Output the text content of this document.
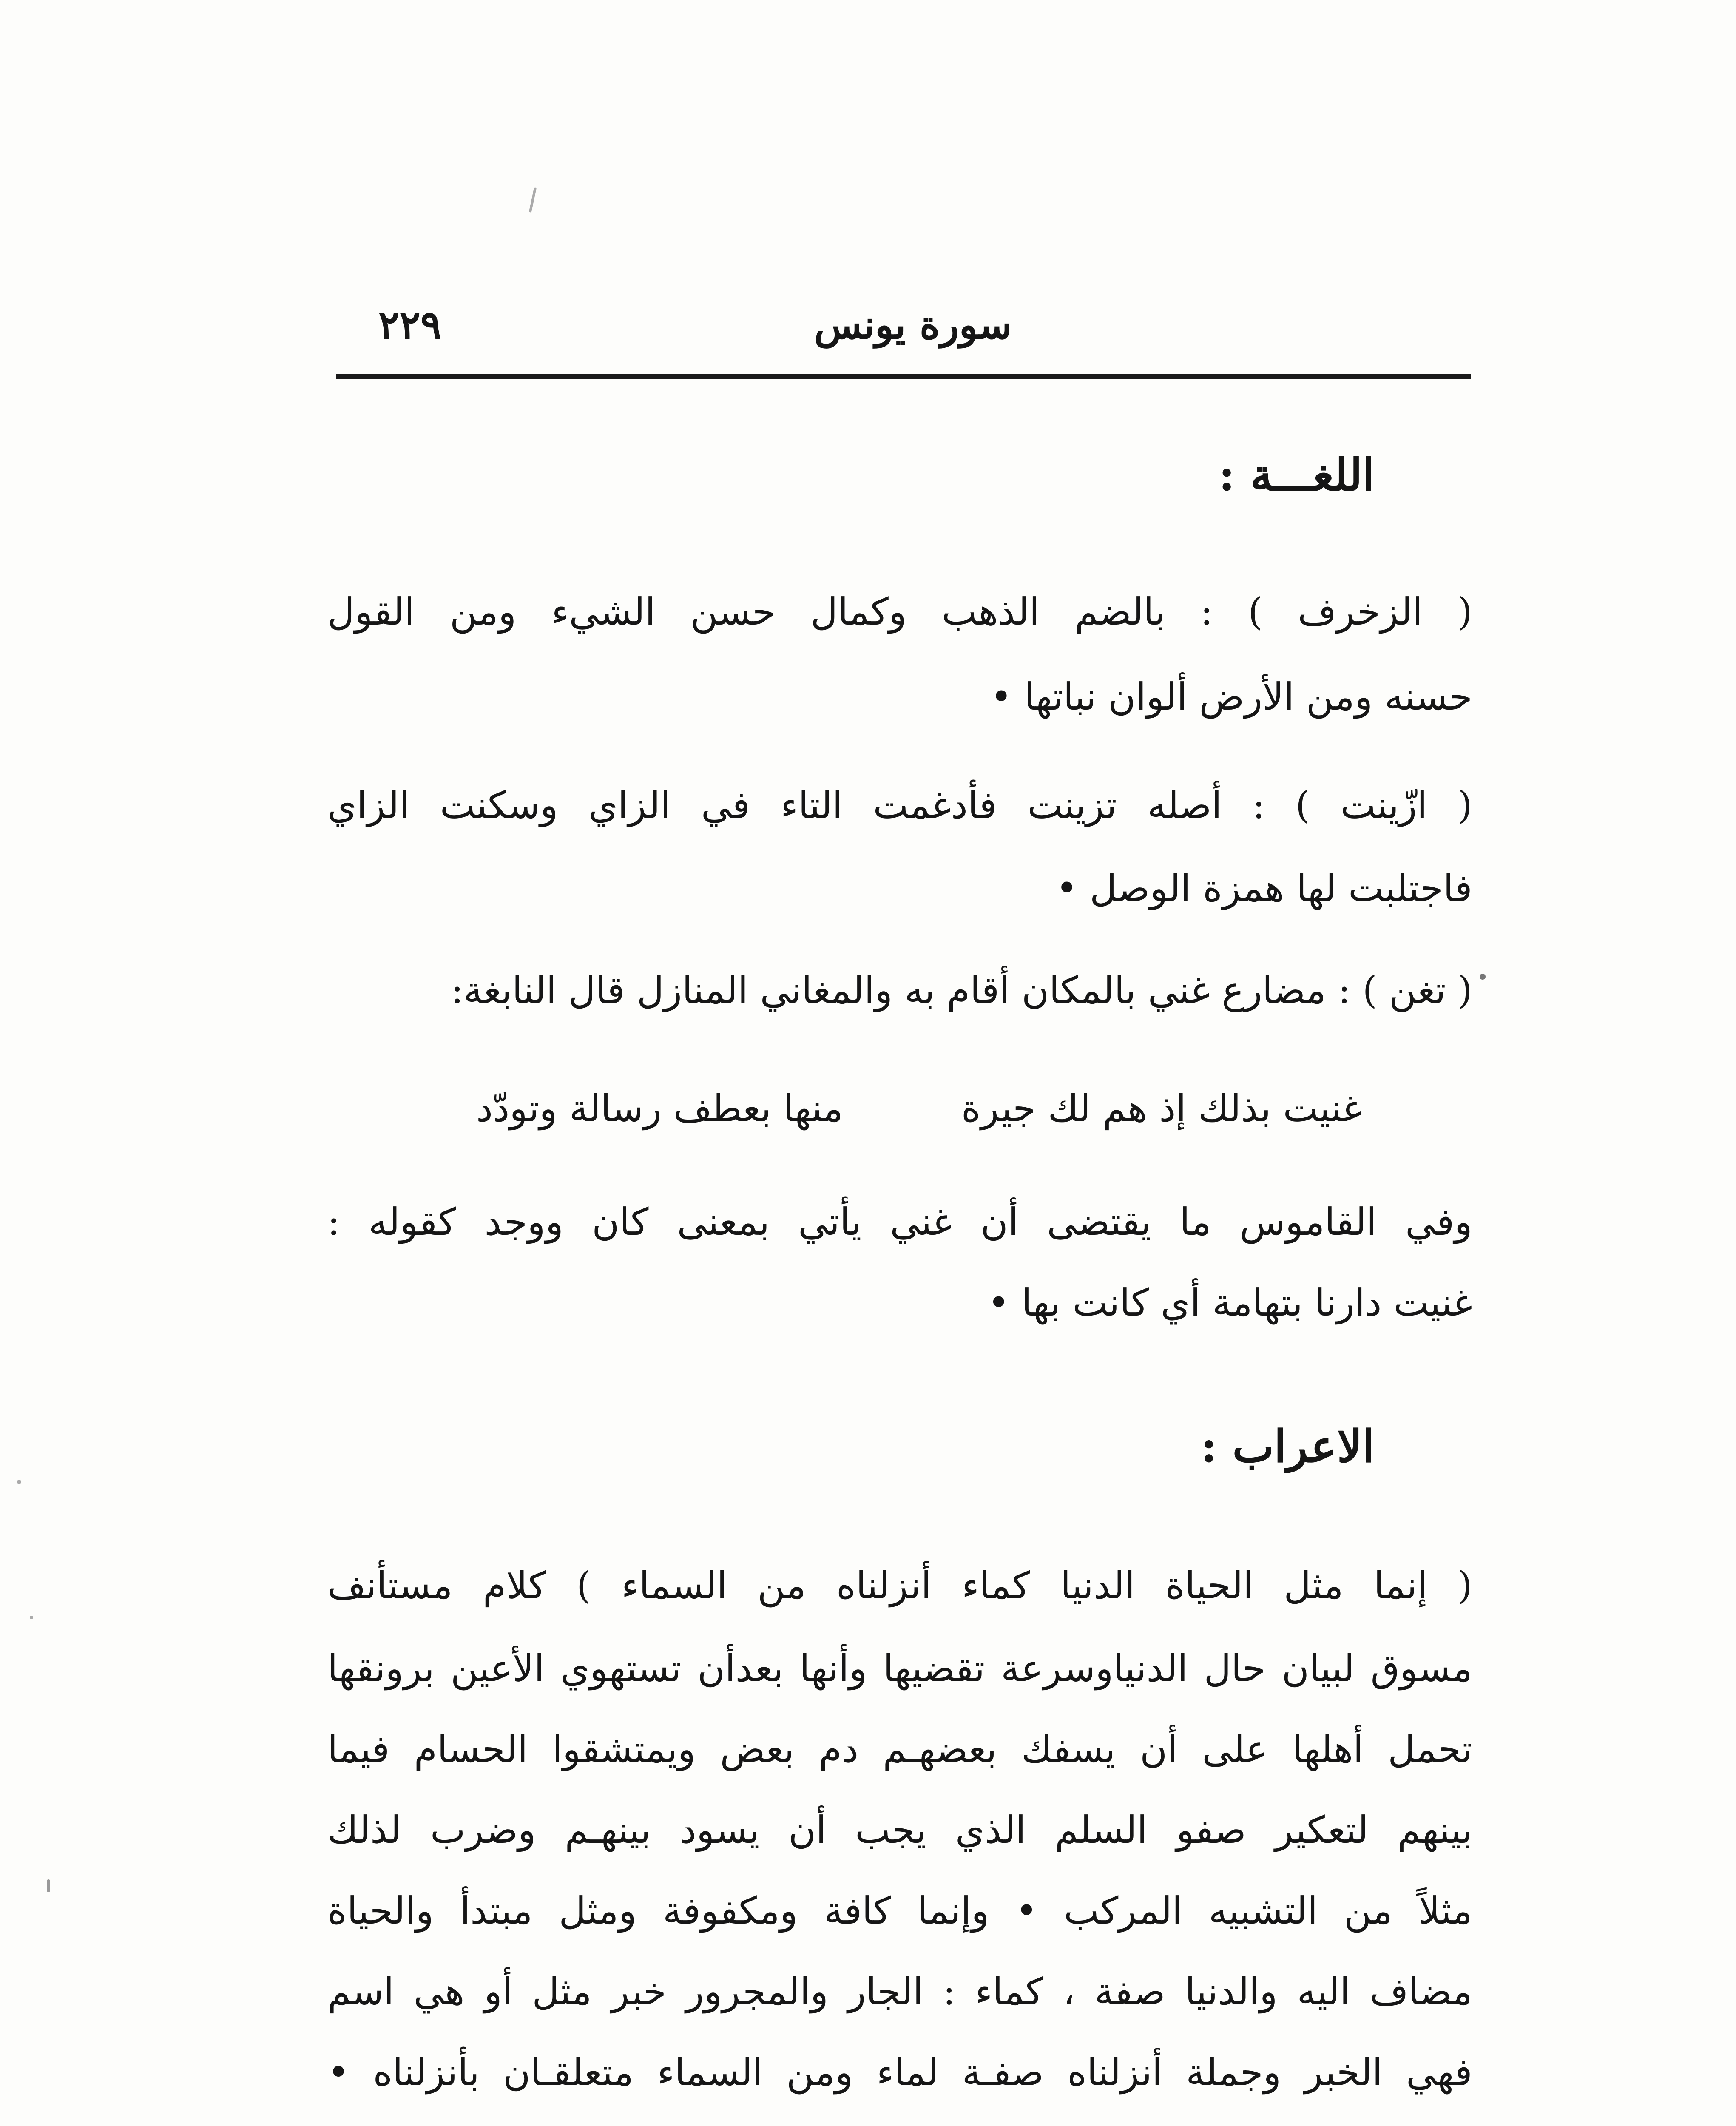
سورة يونس
٢٢٩
اللغـــة :
( الزخرف ) : بالضم الذهب وكمال حسن الشيء ومن القول
حسنه ومن الأرض ألوان نباتها •
( ازّينت ) : أصله تزينت فأدغمت التاء في الزاي وسكنت الزاي
فاجتلبت لها همزة الوصل •
( تغن ) : مضارع غني بالمكان أقام به والمغاني المنازل قال النابغة:
غنيت بذلك إذ هم لك جيرة
منها بعطف رسالة وتودّد
وفي القاموس ما يقتضى أن غني يأتي بمعنى كان ووجد كقوله :
غنيت دارنا بتهامة أي كانت بها •
الاعراب :
( إنما مثل الحياة الدنيا كماء أنزلناه من السماء ) كلام مستأنف
مسوق لبيان حال الدنياوسرعة تقضيها وأنها بعدأن تستهوي الأعين برونقها
تحمل أهلها على أن يسفك بعضهـم دم بعض ويمتشقوا الحسام فيما
بينهم لتعكير صفو السلم الذي يجب أن يسود بينهـم وضرب لذلك
مثلاً من التشبيه المركب • وإنما كافة ومكفوفة ومثل مبتدأ والحياة
مضاف اليه والدنيا صفة ، كماء : الجار والمجرور خبر مثل أو هي اسم
فهي الخبر وجملة أنزلناه صفـة لماء ومن السماء متعلقـان بأنزلناه •
